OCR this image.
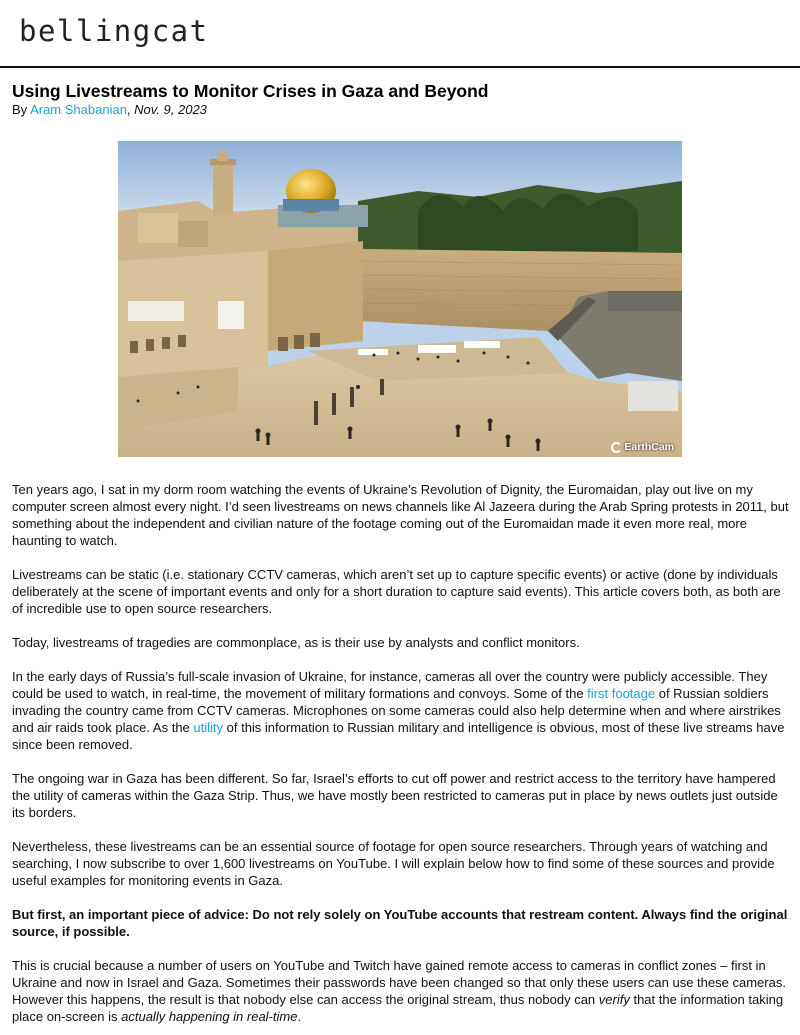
bellingcat
Using Livestreams to Monitor Crises in Gaza and Beyond
By Aram Shabanian, Nov. 9, 2023
EarthCam

Ten years ago, I sat in my dorm room watching the events of Ukraine’s Revolution of Dignity, the Euromaidan, play out live on my computer screen almost every night. I’d seen livestreams on news channels like Al Jazeera during the Arab Spring protests in 2011, but something about the independent and civilian nature of the footage coming out of the Euromaidan made it even more real, more haunting to watch.

Livestreams can be static (i.e. stationary CCTV cameras, which aren’t set up to capture specific events) or active (done by individuals deliberately at the scene of important events and only for a short duration to capture said events). This article covers both, as both are of incredible use to open source researchers.

Today, livestreams of tragedies are commonplace, as is their use by analysts and conflict monitors.

In the early days of Russia’s full-scale invasion of Ukraine, for instance, cameras all over the country were publicly accessible. They could be used to watch, in real-time, the movement of military formations and convoys. Some of the first footage of Russian soldiers invading the country came from CCTV cameras. Microphones on some cameras could also help determine when and where airstrikes and air raids took place. As the utility of this information to Russian military and intelligence is obvious, most of these live streams have since been removed.

The ongoing war in Gaza has been different. So far, Israel’s efforts to cut off power and restrict access to the territory have hampered the utility of cameras within the Gaza Strip. Thus, we have mostly been restricted to cameras put in place by news outlets just outside its borders.

Nevertheless, these livestreams can be an essential source of footage for open source researchers. Through years of watching and searching, I now subscribe to over 1,600 livestreams on YouTube. I will explain below how to find some of these sources and provide useful examples for monitoring events in Gaza.

But first, an important piece of advice: Do not rely solely on YouTube accounts that restream content. Always find the original source, if possible.

This is crucial because a number of users on YouTube and Twitch have gained remote access to cameras in conflict zones – first in Ukraine and now in Israel and Gaza. Sometimes their passwords have been changed so that only these users can use these cameras. However this happens, the result is that nobody else can access the original stream, thus nobody can verify that the information taking place on-screen is actually happening in real-time.
